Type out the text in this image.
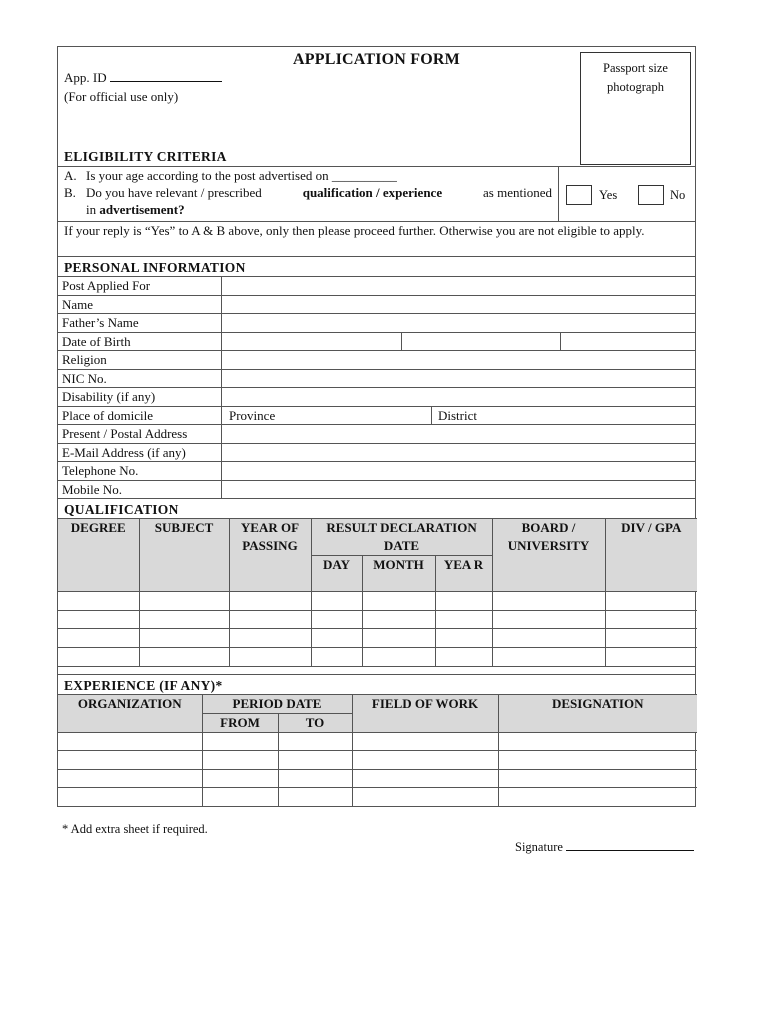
APPLICATION FORM
App. ID
(For official use only)
ELIGIBILITY CRITERIA
Passport size photograph
A. Is your age according to the post advertised on __________
B. Do you have relevant / prescribed	qualification / experience	as mentioned
in
advertisement?
Yes	No
If your reply is “Yes” to A & B above, only then please proceed further. Otherwise you are not eligible to apply.
PERSONAL INFORMATION
Post Applied For
Name
Father’s Name
Date of Birth
Religion
NIC No.
Disability (if any)
Place of domicile	Province	District
Present / Postal Address
E-Mail Address (if any)
Telephone No.
Mobile No.
QUALIFICATION
DEGREE	SUBJECT	YEAR OF PASSING	RESULT DECLARATION DATE			BOARD / UNIVERSITY	DIV / GPA
			DAY	MONTH	YEA R		

EXPERIENCE (IF ANY)*
ORGANIZATION	PERIOD DATE		FIELD OF WORK	DESIGNATION
	FROM	TO		

* Add extra sheet if required.
Signature
